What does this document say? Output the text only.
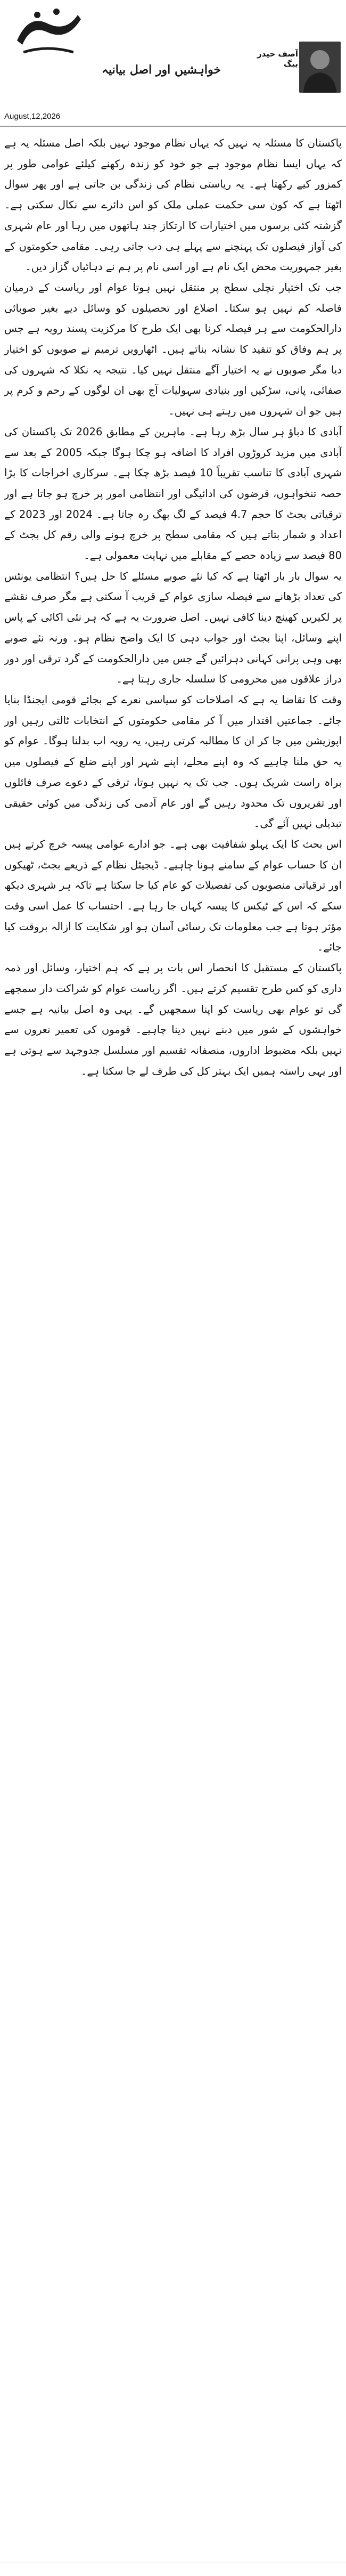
خواہشیں اور اصل بیانیہ
آصف حیدر بیگ
August,12,2026

پاکستان کا مسئلہ یہ نہیں کہ یہاں نظام موجود نہیں بلکہ اصل مسئلہ یہ ہے کہ یہاں ایسا نظام موجود ہے جو خود کو زندہ رکھنے کیلئے عوامی طور پر کمزور کیے رکھتا ہے۔ یہ ریاستی نظام کی زندگی بن جاتی ہے اور پھر سوال اٹھتا ہے کہ کون سی حکمت عملی ملک کو اس دائرے سے نکال سکتی ہے۔ گزشتہ کئی برسوں میں اختیارات کا ارتکاز چند ہاتھوں میں رہا اور عام شہری کی آواز فیصلوں تک پہنچنے سے پہلے ہی دب جاتی رہی۔ مقامی حکومتوں کے بغیر جمہوریت محض ایک نام ہے اور اسی نام پر ہم نے دہائیاں گزار دیں۔

جب تک اختیار نچلی سطح پر منتقل نہیں ہوتا عوام اور ریاست کے درمیان فاصلہ کم نہیں ہو سکتا۔ اضلاع اور تحصیلوں کو وسائل دیے بغیر صوبائی دارالحکومت سے ہر فیصلہ کرنا بھی ایک طرح کا مرکزیت پسند رویہ ہے جس پر ہم وفاق کو تنقید کا نشانہ بناتے ہیں۔ اٹھارویں ترمیم نے صوبوں کو اختیار دیا مگر صوبوں نے یہ اختیار آگے منتقل نہیں کیا۔ نتیجہ یہ نکلا کہ شہروں کی صفائی، پانی، سڑکیں اور بنیادی سہولیات آج بھی ان لوگوں کے رحم و کرم پر ہیں جو ان شہروں میں رہتے ہی نہیں۔

آبادی کا دباؤ ہر سال بڑھ رہا ہے۔ ماہرین کے مطابق 2026 تک پاکستان کی آبادی میں مزید کروڑوں افراد کا اضافہ ہو چکا ہوگا جبکہ 2005 کے بعد سے شہری آبادی کا تناسب تقریباً 10 فیصد بڑھ چکا ہے۔ سرکاری اخراجات کا بڑا حصہ تنخواہوں، قرضوں کی ادائیگی اور انتظامی امور پر خرچ ہو جاتا ہے اور ترقیاتی بجٹ کا حجم 4.7 فیصد کے لگ بھگ رہ جاتا ہے۔ 2024 اور 2023 کے اعداد و شمار بتاتے ہیں کہ مقامی سطح پر خرچ ہونے والی رقم کل بجٹ کے 80 فیصد سے زیادہ حصے کے مقابلے میں نہایت معمولی ہے۔

یہ سوال بار بار اٹھتا ہے کہ کیا نئے صوبے مسئلے کا حل ہیں؟ انتظامی یونٹس کی تعداد بڑھانے سے فیصلہ سازی عوام کے قریب آ سکتی ہے مگر صرف نقشے پر لکیریں کھینچ دینا کافی نہیں۔ اصل ضرورت یہ ہے کہ ہر نئی اکائی کے پاس اپنے وسائل، اپنا بجٹ اور جواب دہی کا ایک واضح نظام ہو۔ ورنہ نئے صوبے بھی وہی پرانی کہانی دہرائیں گے جس میں دارالحکومت کے گرد ترقی اور دور دراز علاقوں میں محرومی کا سلسلہ جاری رہتا ہے۔

وقت کا تقاضا یہ ہے کہ اصلاحات کو سیاسی نعرے کے بجائے قومی ایجنڈا بنایا جائے۔ جماعتیں اقتدار میں آ کر مقامی حکومتوں کے انتخابات ٹالتی رہیں اور اپوزیشن میں جا کر ان کا مطالبہ کرتی رہیں، یہ رویہ اب بدلنا ہوگا۔ عوام کو یہ حق ملنا چاہیے کہ وہ اپنے محلے، اپنے شہر اور اپنے ضلع کے فیصلوں میں براہ راست شریک ہوں۔ جب تک یہ نہیں ہوتا، ترقی کے دعوے صرف فائلوں اور تقریروں تک محدود رہیں گے اور عام آدمی کی زندگی میں کوئی حقیقی تبدیلی نہیں آئے گی۔

اس بحث کا ایک پہلو شفافیت بھی ہے۔ جو ادارے عوامی پیسہ خرچ کرتے ہیں ان کا حساب عوام کے سامنے ہونا چاہیے۔ ڈیجیٹل نظام کے ذریعے بجٹ، ٹھیکوں اور ترقیاتی منصوبوں کی تفصیلات کو عام کیا جا سکتا ہے تاکہ ہر شہری دیکھ سکے کہ اس کے ٹیکس کا پیسہ کہاں جا رہا ہے۔ احتساب کا عمل اسی وقت مؤثر ہوتا ہے جب معلومات تک رسائی آسان ہو اور شکایت کا ازالہ بروقت کیا جائے۔

پاکستان کے مستقبل کا انحصار اس بات پر ہے کہ ہم اختیار، وسائل اور ذمہ داری کو کس طرح تقسیم کرتے ہیں۔ اگر ریاست عوام کو شراکت دار سمجھے گی تو عوام بھی ریاست کو اپنا سمجھیں گے۔ یہی وہ اصل بیانیہ ہے جسے خواہشوں کے شور میں دبنے نہیں دینا چاہیے۔ قوموں کی تعمیر نعروں سے نہیں بلکہ مضبوط اداروں، منصفانہ تقسیم اور مسلسل جدوجہد سے ہوتی ہے اور یہی راستہ ہمیں ایک بہتر کل کی طرف لے جا سکتا ہے۔
